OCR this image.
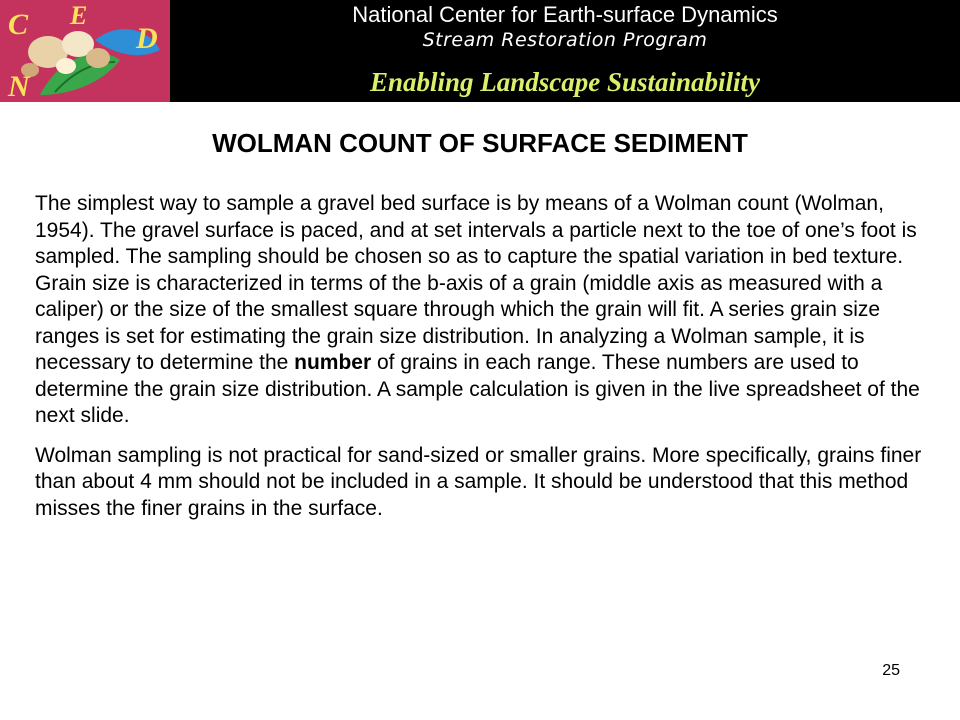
C E
D
N
National Center for Earth-surface Dynamics
Stream Restoration Program
Enabling Landscape Sustainability
WOLMAN COUNT OF SURFACE SEDIMENT

The simplest way to sample a gravel bed surface is by means of a Wolman count (Wolman, 1954). The gravel surface is paced, and at set intervals a particle next to the toe of one’s foot is sampled. The sampling should be chosen so as to capture the spatial variation in bed texture. Grain size is characterized in terms of the b-axis of a grain (middle axis as measured with a caliper) or the size of the smallest square through which the grain will fit. A series grain size ranges is set for estimating the grain size distribution. In analyzing a Wolman sample, it is necessary to determine the number of grains in each range. These numbers are used to determine the grain size distribution. A sample calculation is given in the live spreadsheet of the next slide.

Wolman sampling is not practical for sand-sized or smaller grains. More specifically, grains finer than about 4 mm should not be included in a sample. It should be understood that this method misses the finer grains in the surface.

25
